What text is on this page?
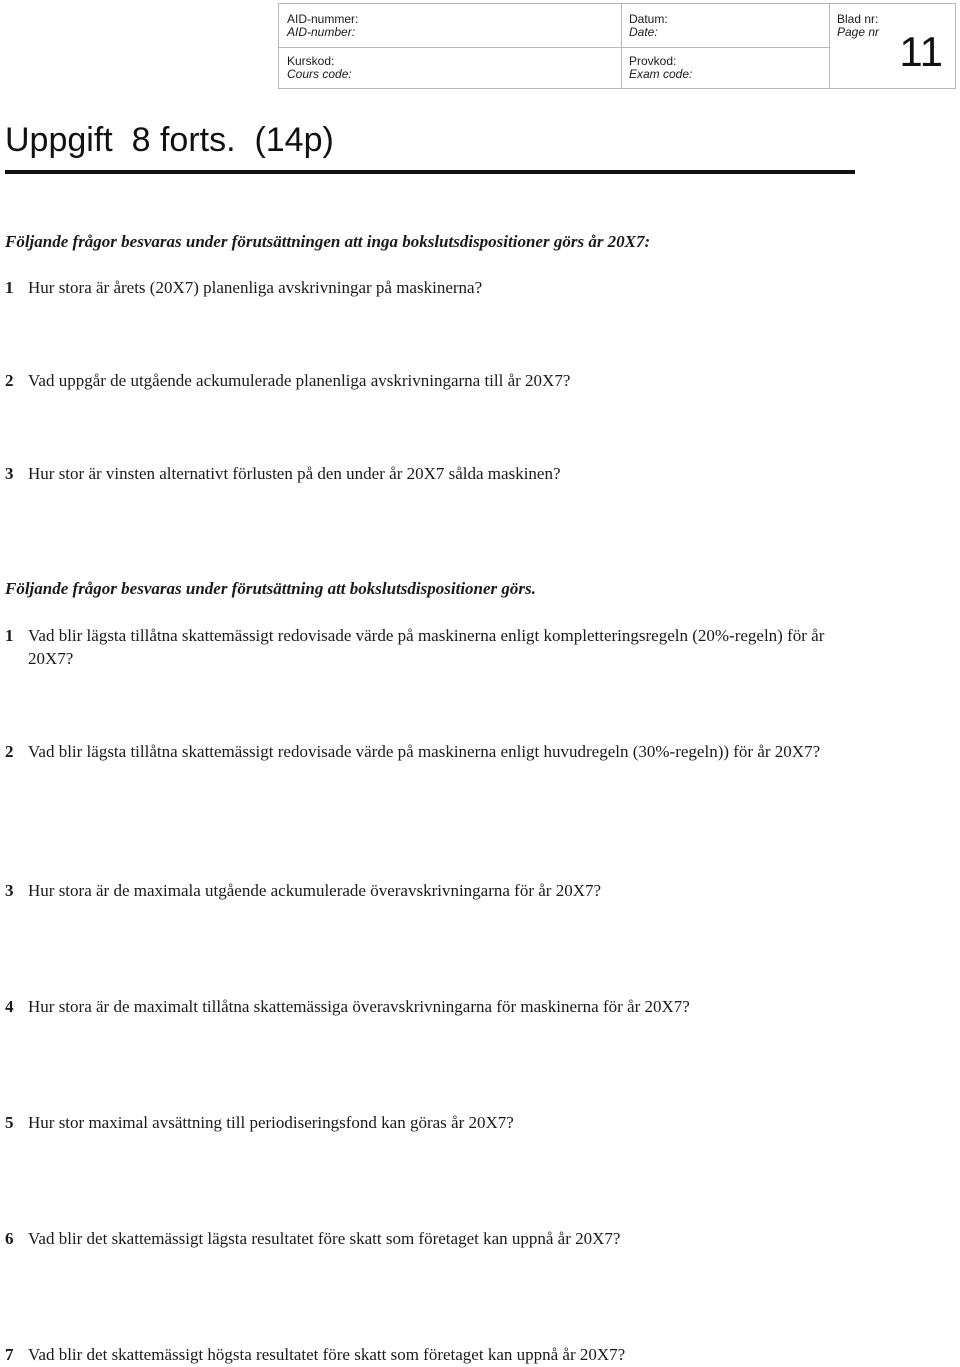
AID-nummer:
AID-number:
Kurskod:
Cours code:
Datum:
Date:
Provkod:
Exam code:
Blad nr:
Page nr 11
Uppgift  8 forts.  (14p)
Följande frågor besvaras under förutsättningen att inga bokslutsdispositioner görs år 20X7:
1 Hur stora är årets (20X7) planenliga avskrivningar på maskinerna?
2 Vad uppgår de utgående ackumulerade planenliga avskrivningarna till år 20X7?
3 Hur stor är vinsten alternativt förlusten på den under år 20X7 sålda maskinen?
Följande frågor besvaras under förutsättning att bokslutsdispositioner görs.
1 Vad blir lägsta tillåtna skattemässigt redovisade värde på maskinerna enligt kompletteringsregeln (20%-regeln) för år 20X7?
2 Vad blir lägsta tillåtna skattemässigt redovisade värde på maskinerna enligt huvudregeln (30%-regeln)) för år 20X7?
3 Hur stora är de maximala utgående ackumulerade överavskrivningarna för år 20X7?
4 Hur stora är de maximalt tillåtna skattemässiga överavskrivningarna för maskinerna för år 20X7?
5 Hur stor maximal avsättning till periodiseringsfond kan göras år 20X7?
6 Vad blir det skattemässigt lägsta resultatet före skatt som företaget kan uppnå år 20X7?
7 Vad blir det skattemässigt högsta resultatet före skatt som företaget kan uppnå år 20X7?
